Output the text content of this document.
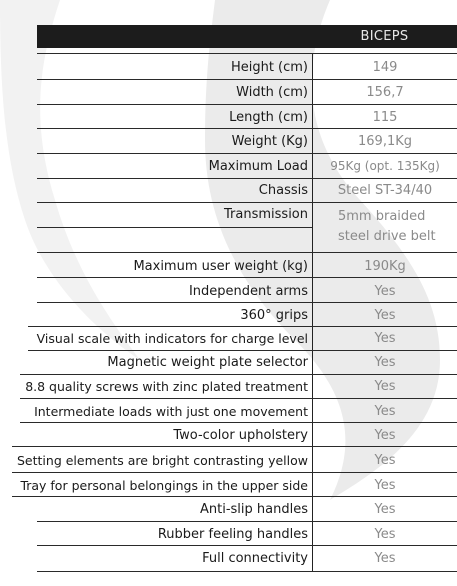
BICEPS
Height (cm)	149
Width (cm)	156,7
Length (cm)	115
Weight (Kg)	169,1Kg
Maximum Load	95Kg (opt. 135Kg)
Chassis	Steel ST-34/40
Transmission	5mm braided steel drive belt
Maximum user weight (kg)	190Kg
Independent arms	Yes
360° grips	Yes
Visual scale with indicators for charge level	Yes
Magnetic weight plate selector	Yes
8.8 quality screws with zinc plated treatment	Yes
Intermediate loads with just one movement	Yes
Two-color upholstery	Yes
Setting elements are bright contrasting yellow	Yes
Tray for personal belongings in the upper side	Yes
Anti-slip handles	Yes
Rubber feeling handles	Yes
Full connectivity	Yes
